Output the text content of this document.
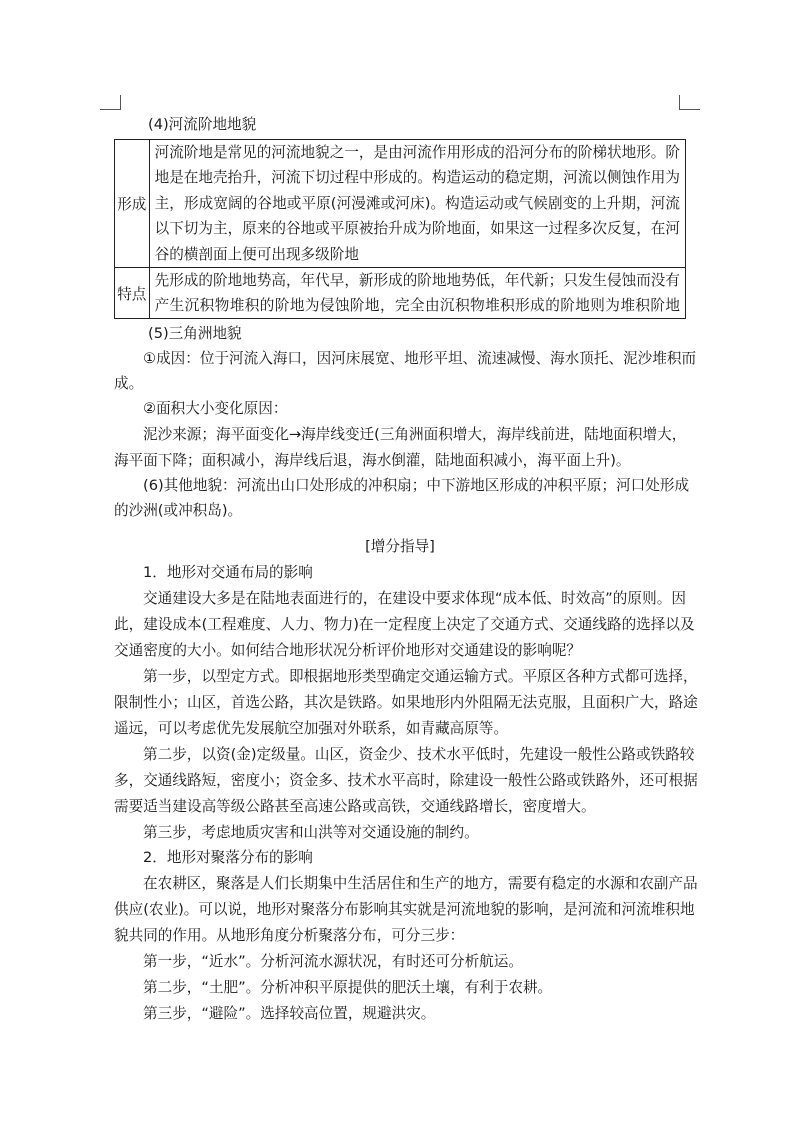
(4)河流阶地地貌
形成	河流阶地是常见的河流地貌之一，是由河流作用形成的沿河分布的阶梯状地形。阶
地是在地壳抬升，河流下切过程中形成的。构造运动的稳定期，河流以侧蚀作用为
主，形成宽阔的谷地或平原(河漫滩或河床)。构造运动或气候剧变的上升期，河流
以下切为主，原来的谷地或平原被抬升成为阶地面，如果这一过程多次反复，在河
谷的横剖面上便可出现多级阶地

特点	先形成的阶地地势高，年代早，新形成的阶地地势低，年代新；只发生侵蚀而没有
产生沉积物堆积的阶地为侵蚀阶地，完全由沉积物堆积形成的阶地则为堆积阶地
(5)三角洲地貌
①成因：位于河流入海口，因河床展宽、地形平坦、流速减慢、海水顶托、泥沙堆积而
成。
②面积大小变化原因：
泥沙来源；海平面变化→海岸线变迁(三角洲面积增大，海岸线前进，陆地面积增大，
海平面下降；面积减小，海岸线后退，海水倒灌，陆地面积减小，海平面上升)。
(6)其他地貌：河流出山口处形成的冲积扇；中下游地区形成的冲积平原；河口处形成
的沙洲(或冲积岛)。
[增分指导]
1．地形对交通布局的影响
交通建设大多是在陆地表面进行的，在建设中要求体现“成本低、时效高”的原则。因
此，建设成本(工程难度、人力、物力)在一定程度上决定了交通方式、交通线路的选择以及
交通密度的大小。如何结合地形状况分析评价地形对交通建设的影响呢？
第一步，以型定方式。即根据地形类型确定交通运输方式。平原区各种方式都可选择，
限制性小；山区，首选公路，其次是铁路。如果地形内外阻隔无法克服，且面积广大，路途
遥远，可以考虑优先发展航空加强对外联系，如青藏高原等。
第二步，以资(金)定级量。山区，资金少、技术水平低时，先建设一般性公路或铁路较
多，交通线路短，密度小；资金多、技术水平高时，除建设一般性公路或铁路外，还可根据
需要适当建设高等级公路甚至高速公路或高铁，交通线路增长，密度增大。
第三步，考虑地质灾害和山洪等对交通设施的制约。
2．地形对聚落分布的影响
在农耕区，聚落是人们长期集中生活居住和生产的地方，需要有稳定的水源和农副产品
供应(农业)。可以说，地形对聚落分布影响其实就是河流地貌的影响，是河流和河流堆积地
貌共同的作用。从地形角度分析聚落分布，可分三步：
第一步，“近水”。分析河流水源状况，有时还可分析航运。
第二步，“土肥”。分析冲积平原提供的肥沃土壤，有利于农耕。
第三步，“避险”。选择较高位置，规避洪灾。
